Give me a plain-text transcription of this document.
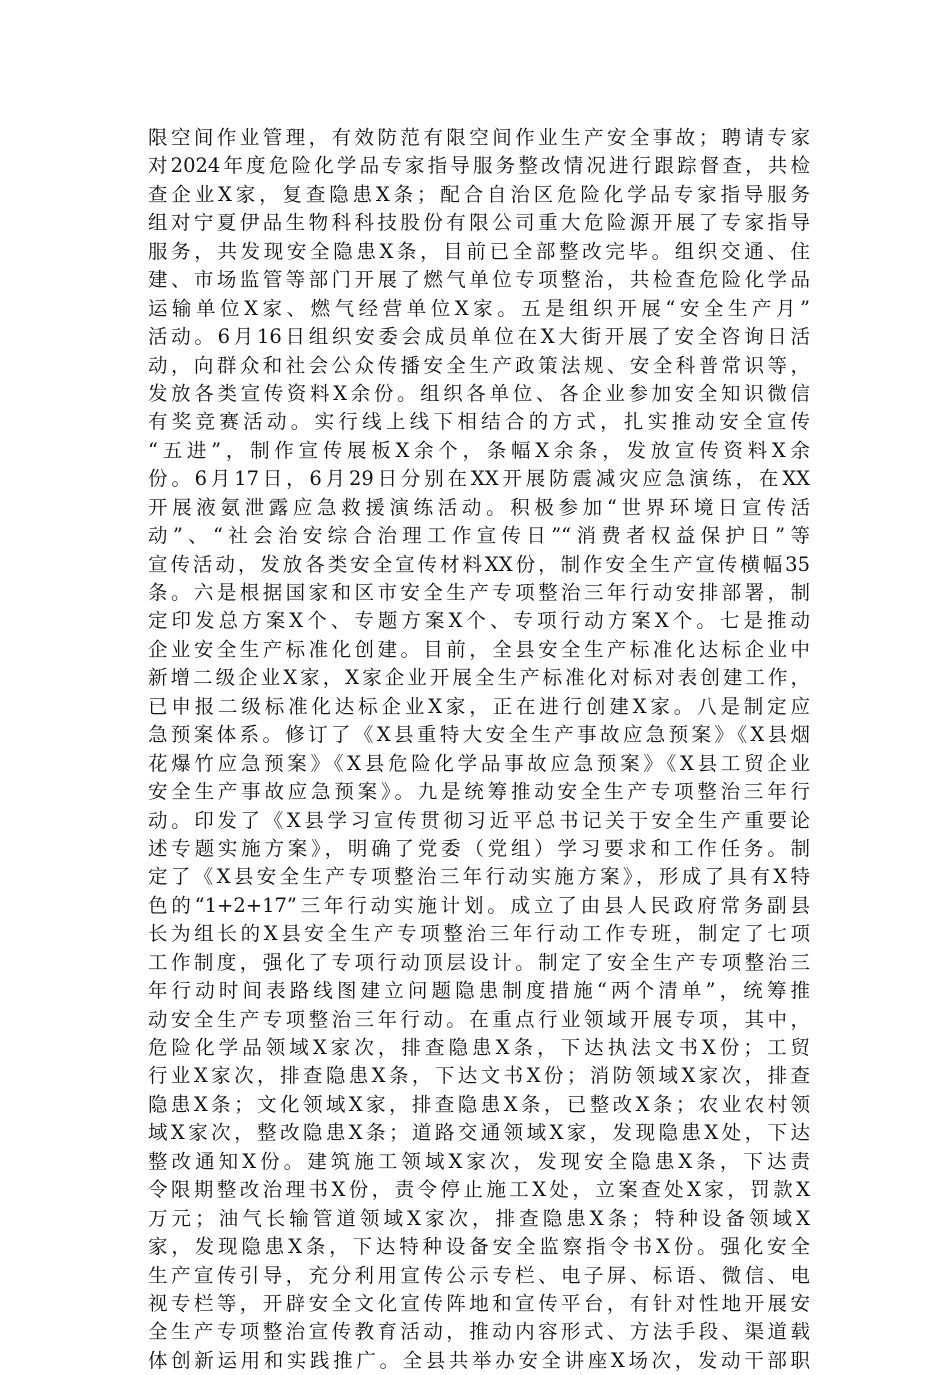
限空间作业管理，有效防范有限空间作业生产安全事故；聘请专家
对2024年度危险化学品专家指导服务整改情况进行跟踪督查，共检
查企业X家，复查隐患X条；配合自治区危险化学品专家指导服务
组对宁夏伊品生物科科技股份有限公司重大危险源开展了专家指导
服务，共发现安全隐患X条，目前已全部整改完毕。组织交通、住
建、市场监管等部门开展了燃气单位专项整治，共检查危险化学品
运输单位X家、燃气经营单位X家。五是组织开展“安全生产月”
活动。6月16日组织安委会成员单位在X大街开展了安全咨询日活
动，向群众和社会公众传播安全生产政策法规、安全科普常识等，
发放各类宣传资料X余份。组织各单位、各企业参加安全知识微信
有奖竞赛活动。实行线上线下相结合的方式，扎实推动安全宣传
“五进”，制作宣传展板X余个，条幅X余条，发放宣传资料X余
份。6月17日，6月29日分别在XX开展防震减灾应急演练，在XX
开展液氨泄露应急救援演练活动。积极参加“世界环境日宣传活
动”、“社会治安综合治理工作宣传日”“消费者权益保护日”等
宣传活动，发放各类安全宣传材料XX份，制作安全生产宣传横幅35
条。六是根据国家和区市安全生产专项整治三年行动安排部署，制
定印发总方案X个、专题方案X个、专项行动方案X个。七是推动
企业安全生产标准化创建。目前，全县安全生产标准化达标企业中
新增二级企业X家，X家企业开展全生产标准化对标对表创建工作，
已申报二级标准化达标企业X家，正在进行创建X家。八是制定应
急预案体系。修订了《X县重特大安全生产事故应急预案》《X县烟
花爆竹应急预案》《X县危险化学品事故应急预案》《X县工贸企业
安全生产事故应急预案》。九是统筹推动安全生产专项整治三年行
动。印发了《X县学习宣传贯彻习近平总书记关于安全生产重要论
述专题实施方案》，明确了党委（党组）学习要求和工作任务。制
定了《X县安全生产专项整治三年行动实施方案》，形成了具有X特
色的“1+2+17”三年行动实施计划。成立了由县人民政府常务副县
长为组长的X县安全生产专项整治三年行动工作专班，制定了七项
工作制度，强化了专项行动顶层设计。制定了安全生产专项整治三
年行动时间表路线图建立问题隐患制度措施“两个清单”，统筹推
动安全生产专项整治三年行动。在重点行业领域开展专项，其中，
危险化学品领域X家次，排查隐患X条，下达执法文书X份；工贸
行业X家次，排查隐患X条，下达文书X份；消防领域X家次，排查
隐患X条；文化领域X家，排查隐患X条，已整改X条；农业农村领
域X家次，整改隐患X条；道路交通领域X家，发现隐患X处，下达
整改通知X份。建筑施工领域X家次，发现安全隐患X条，下达责
令限期整改治理书X份，责令停止施工X处，立案查处X家，罚款X
万元；油气长输管道领域X家次，排查隐患X条；特种设备领域X
家，发现隐患X条，下达特种设备安全监察指令书X份。强化安全
生产宣传引导，充分利用宣传公示专栏、电子屏、标语、微信、电
视专栏等，开辟安全文化宣传阵地和宣传平台，有针对性地开展安
全生产专项整治宣传教育活动，推动内容形式、方法手段、渠道载
体创新运用和实践推广。全县共举办安全讲座X场次，发动干部职
